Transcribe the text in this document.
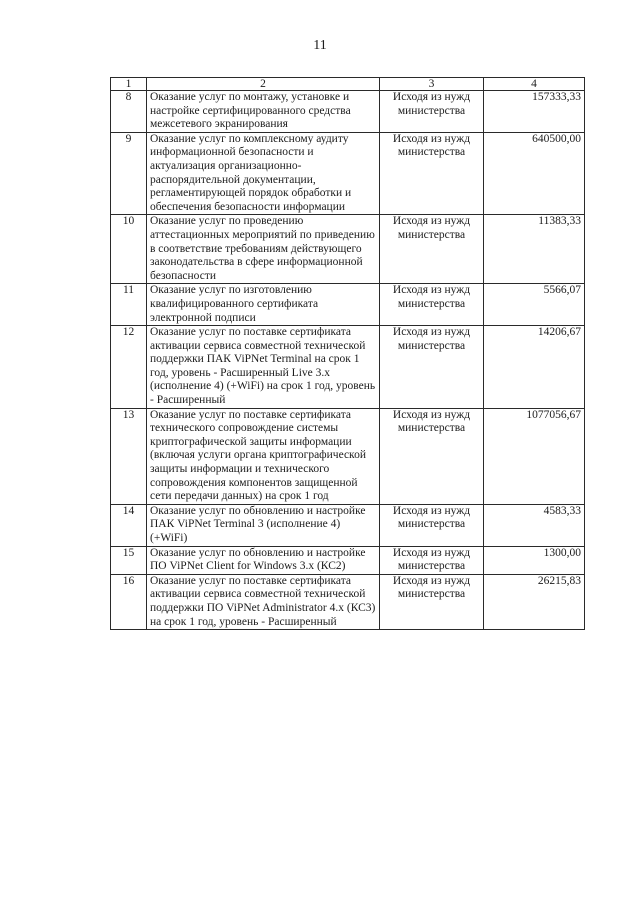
11
1	2	3	4
8	Оказание услуг по монтажу, установке и настройке сертифицированного средства межсетевого экранирования	Исходя из нужд министерства	157333,33
9	Оказание услуг по комплексному аудиту информационной безопасности и актуализация организационно-распорядительной документации, регламентирующей порядок обработки и обеспечения безопасности информации	Исходя из нужд министерства	640500,00
10	Оказание услуг по проведению аттестационных мероприятий по приведению в соответствие требованиям действующего законодательства в сфере информационной безопасности	Исходя из нужд министерства	11383,33
11	Оказание услуг по изготовлению квалифицированного сертификата электронной подписи	Исходя из нужд министерства	5566,07
12	Оказание услуг по поставке сертификата активации сервиса совместной технической поддержки ПАК ViPNet Terminal на срок 1 год, уровень - Расширенный Live 3.x (исполнение 4) (+WiFi) на срок 1 год, уровень - Расширенный	Исходя из нужд министерства	14206,67
13	Оказание услуг по поставке сертификата технического сопровождение системы криптографической защиты информации (включая услуги органа криптографической защиты информации и технического сопровождения компонентов защищенной сети передачи данных) на срок 1 год	Исходя из нужд министерства	1077056,67
14	Оказание услуг по обновлению и настройке ПАК ViPNet Terminal 3 (исполнение 4) (+WiFi)	Исходя из нужд министерства	4583,33
15	Оказание услуг по обновлению и настройке ПО ViPNet Client for Windows 3.x (КС2)	Исходя из нужд министерства	1300,00
16	Оказание услуг по поставке сертификата активации сервиса совместной технической поддержки ПО ViPNet Administrator 4.x (КС3) на срок 1 год, уровень - Расширенный	Исходя из нужд министерства	26215,83
